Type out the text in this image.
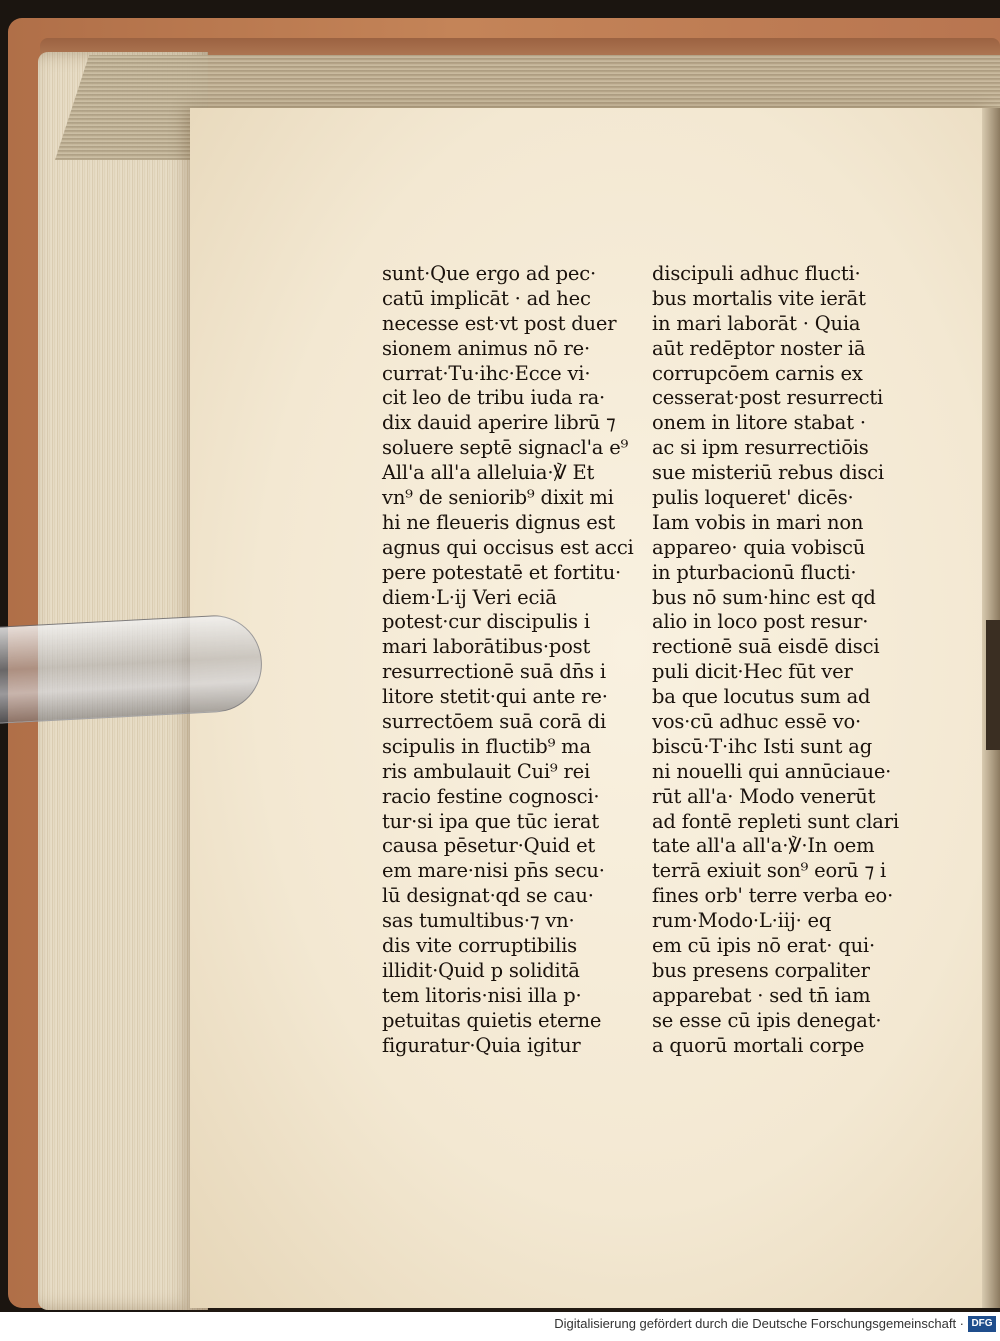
sunt·Que ergo ad pec·
catū implicāt · ad hec
necesse est·vt post duer
sionem animus nō re·
currat·Tu·ihc·Ecce vi·
cit leo de tribu iuda ra·
dix dauid aperire librū ⁊
soluere septē signacl'a e⁹
All'a all'a alleluia·℣ Et
vn⁹ de seniorib⁹ dixit mi
hi ne fleueris dignus est
agnus qui occisus est acci
pere potestatē et fortitu·
diem·L·ij Veri eciā
potest·cur discipulis i
mari laborātibus·post
resurrectionē suā dn̄s i
litore stetit·qui ante re·
surrectōem suā corā di
scipulis in fluctib⁹ ma
ris ambulauit Cui⁹ rei
racio festine cognosci·
tur·si ipa que tūc ierat
causa pēsetur·Quid et
em mare·nisi pn̄s secu·
lū designat·qd se cau·
sas tumultibus·⁊ vn·
dis vite corruptibilis
illidit·Quid p soliditā
tem litoris·nisi illa p·
petuitas quietis eterne
figuratur·Quia igitur
discipuli adhuc flucti·
bus mortalis vite ierāt
in mari laborāt · Quia
aūt redēptor noster iā
corrupcōem carnis ex
cesserat·post resurrecti
onem in litore stabat ·
ac si ipm resurrectiōis
sue misteriū rebus disci
pulis loqueret' dicēs·
Iam vobis in mari non
appareo· quia vobiscū
in pturbacionū flucti·
bus nō sum·hinc est qd
alio in loco post resur·
rectionē suā eisdē disci
puli dicit·Hec fūt ver
ba que locutus sum ad
vos·cū adhuc essē vo·
biscū·T·ihc Isti sunt ag
ni nouelli qui annūciaue·
rūt all'a· Modo venerūt
ad fontē repleti sunt clari
tate all'a all'a·℣·In oem
terrā exiuit son⁹ eorū ⁊ i
fines orb' terre verba eo·
rum·Modo·L·iij· eq
em cū ipis nō erat· qui·
bus presens corpaliter
apparebat · sed tn̄ iam
se esse cū ipis denegat·
a quorū mortali corpe
Digitalisierung gefördert durch die Deutsche Forschungsgemeinschaft · DFG
